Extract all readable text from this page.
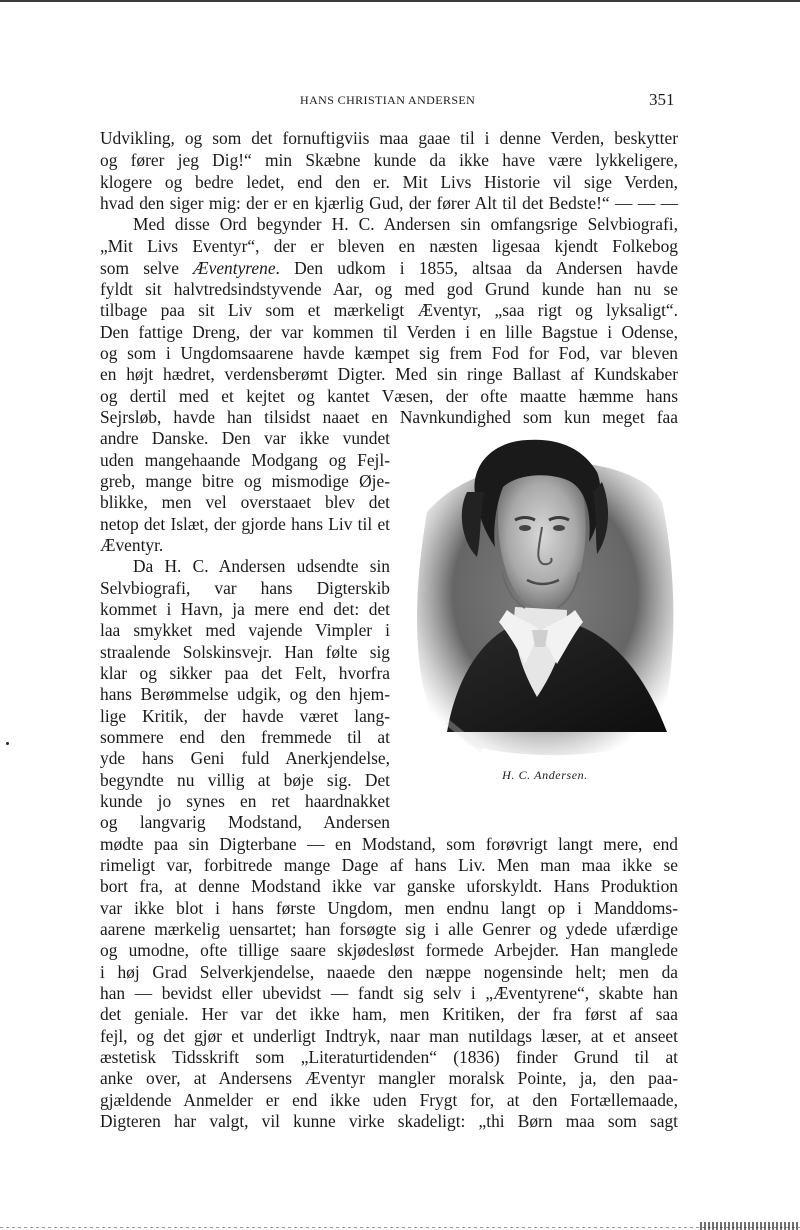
HANS CHRISTIAN ANDERSEN	351
Udvikling, og som det fornuftigviis maa gaae til i denne Verden, beskytter
og fører jeg Dig!“ min Skæbne kunde da ikke have være lykkeligere,
klogere og bedre ledet, end den er. Mit Livs Historie vil sige Verden,
hvad den siger mig: der er en kjærlig Gud, der fører Alt til det Bedste!“ — — —
Med disse Ord begynder H. C. Andersen sin omfangsrige Selvbiografi,
„Mit Livs Eventyr“, der er bleven en næsten ligesaa kjendt Folkebog
som selve Æventyrene. Den udkom i 1855, altsaa da Andersen havde
fyldt sit halvtredsindstyvende Aar, og med god Grund kunde han nu se
tilbage paa sit Liv som et mærkeligt Æventyr, „saa rigt og lyksaligt“.
Den fattige Dreng, der var kommen til Verden i en lille Bagstue i Odense,
og som i Ungdomsaarene havde kæmpet sig frem Fod for Fod, var bleven
en højt hædret, verdensberømt Digter. Med sin ringe Ballast af Kundskaber
og dertil med et kejtet og kantet Væsen, der ofte maatte hæmme hans
Sejrsløb, havde han tilsidst naaet en Navnkundighed som kun meget faa
andre Danske. Den var ikke vundet
uden mangehaande Modgang og Fejl-
greb, mange bitre og mismodige Øje-
blikke, men vel overstaaet blev det
netop det Islæt, der gjorde hans Liv til et
Æventyr.
Da H. C. Andersen udsendte sin
Selvbiografi, var hans Digterskib
kommet i Havn, ja mere end det: det
laa smykket med vajende Vimpler i
straalende Solskinsvejr. Han følte sig
klar og sikker paa det Felt, hvorfra
hans Berømmelse udgik, og den hjem-
lige Kritik, der havde været lang-
sommere end den fremmede til at
yde hans Geni fuld Anerkjendelse,
begyndte nu villig at bøje sig. Det
kunde jo synes en ret haardnakket
og langvarig Modstand, Andersen
mødte paa sin Digterbane — en Modstand, som forøvrigt langt mere, end
rimeligt var, forbitrede mange Dage af hans Liv. Men man maa ikke se
bort fra, at denne Modstand ikke var ganske uforskyldt. Hans Produktion
var ikke blot i hans første Ungdom, men endnu langt op i Manddoms-
aarene mærkelig uensartet; han forsøgte sig i alle Genrer og ydede ufærdige
og umodne, ofte tillige saare skjødesløst formede Arbejder. Han manglede
i høj Grad Selverkjendelse, naaede den næppe nogensinde helt; men da
han — bevidst eller ubevidst — fandt sig selv i „Æventyrene“, skabte han
det geniale. Her var det ikke ham, men Kritiken, der fra først af saa
fejl, og det gjør et underligt Indtryk, naar man nutildags læser, at et anseet
æstetisk Tidsskrift som „Literaturtidenden“ (1836) finder Grund til at
anke over, at Andersens Æventyr mangler moralsk Pointe, ja, den paa-
gjældende Anmelder er end ikke uden Frygt for, at den Fortællemaade,
Digteren har valgt, vil kunne virke skadeligt: „thi Børn maa som sagt
H. C. Andersen.
